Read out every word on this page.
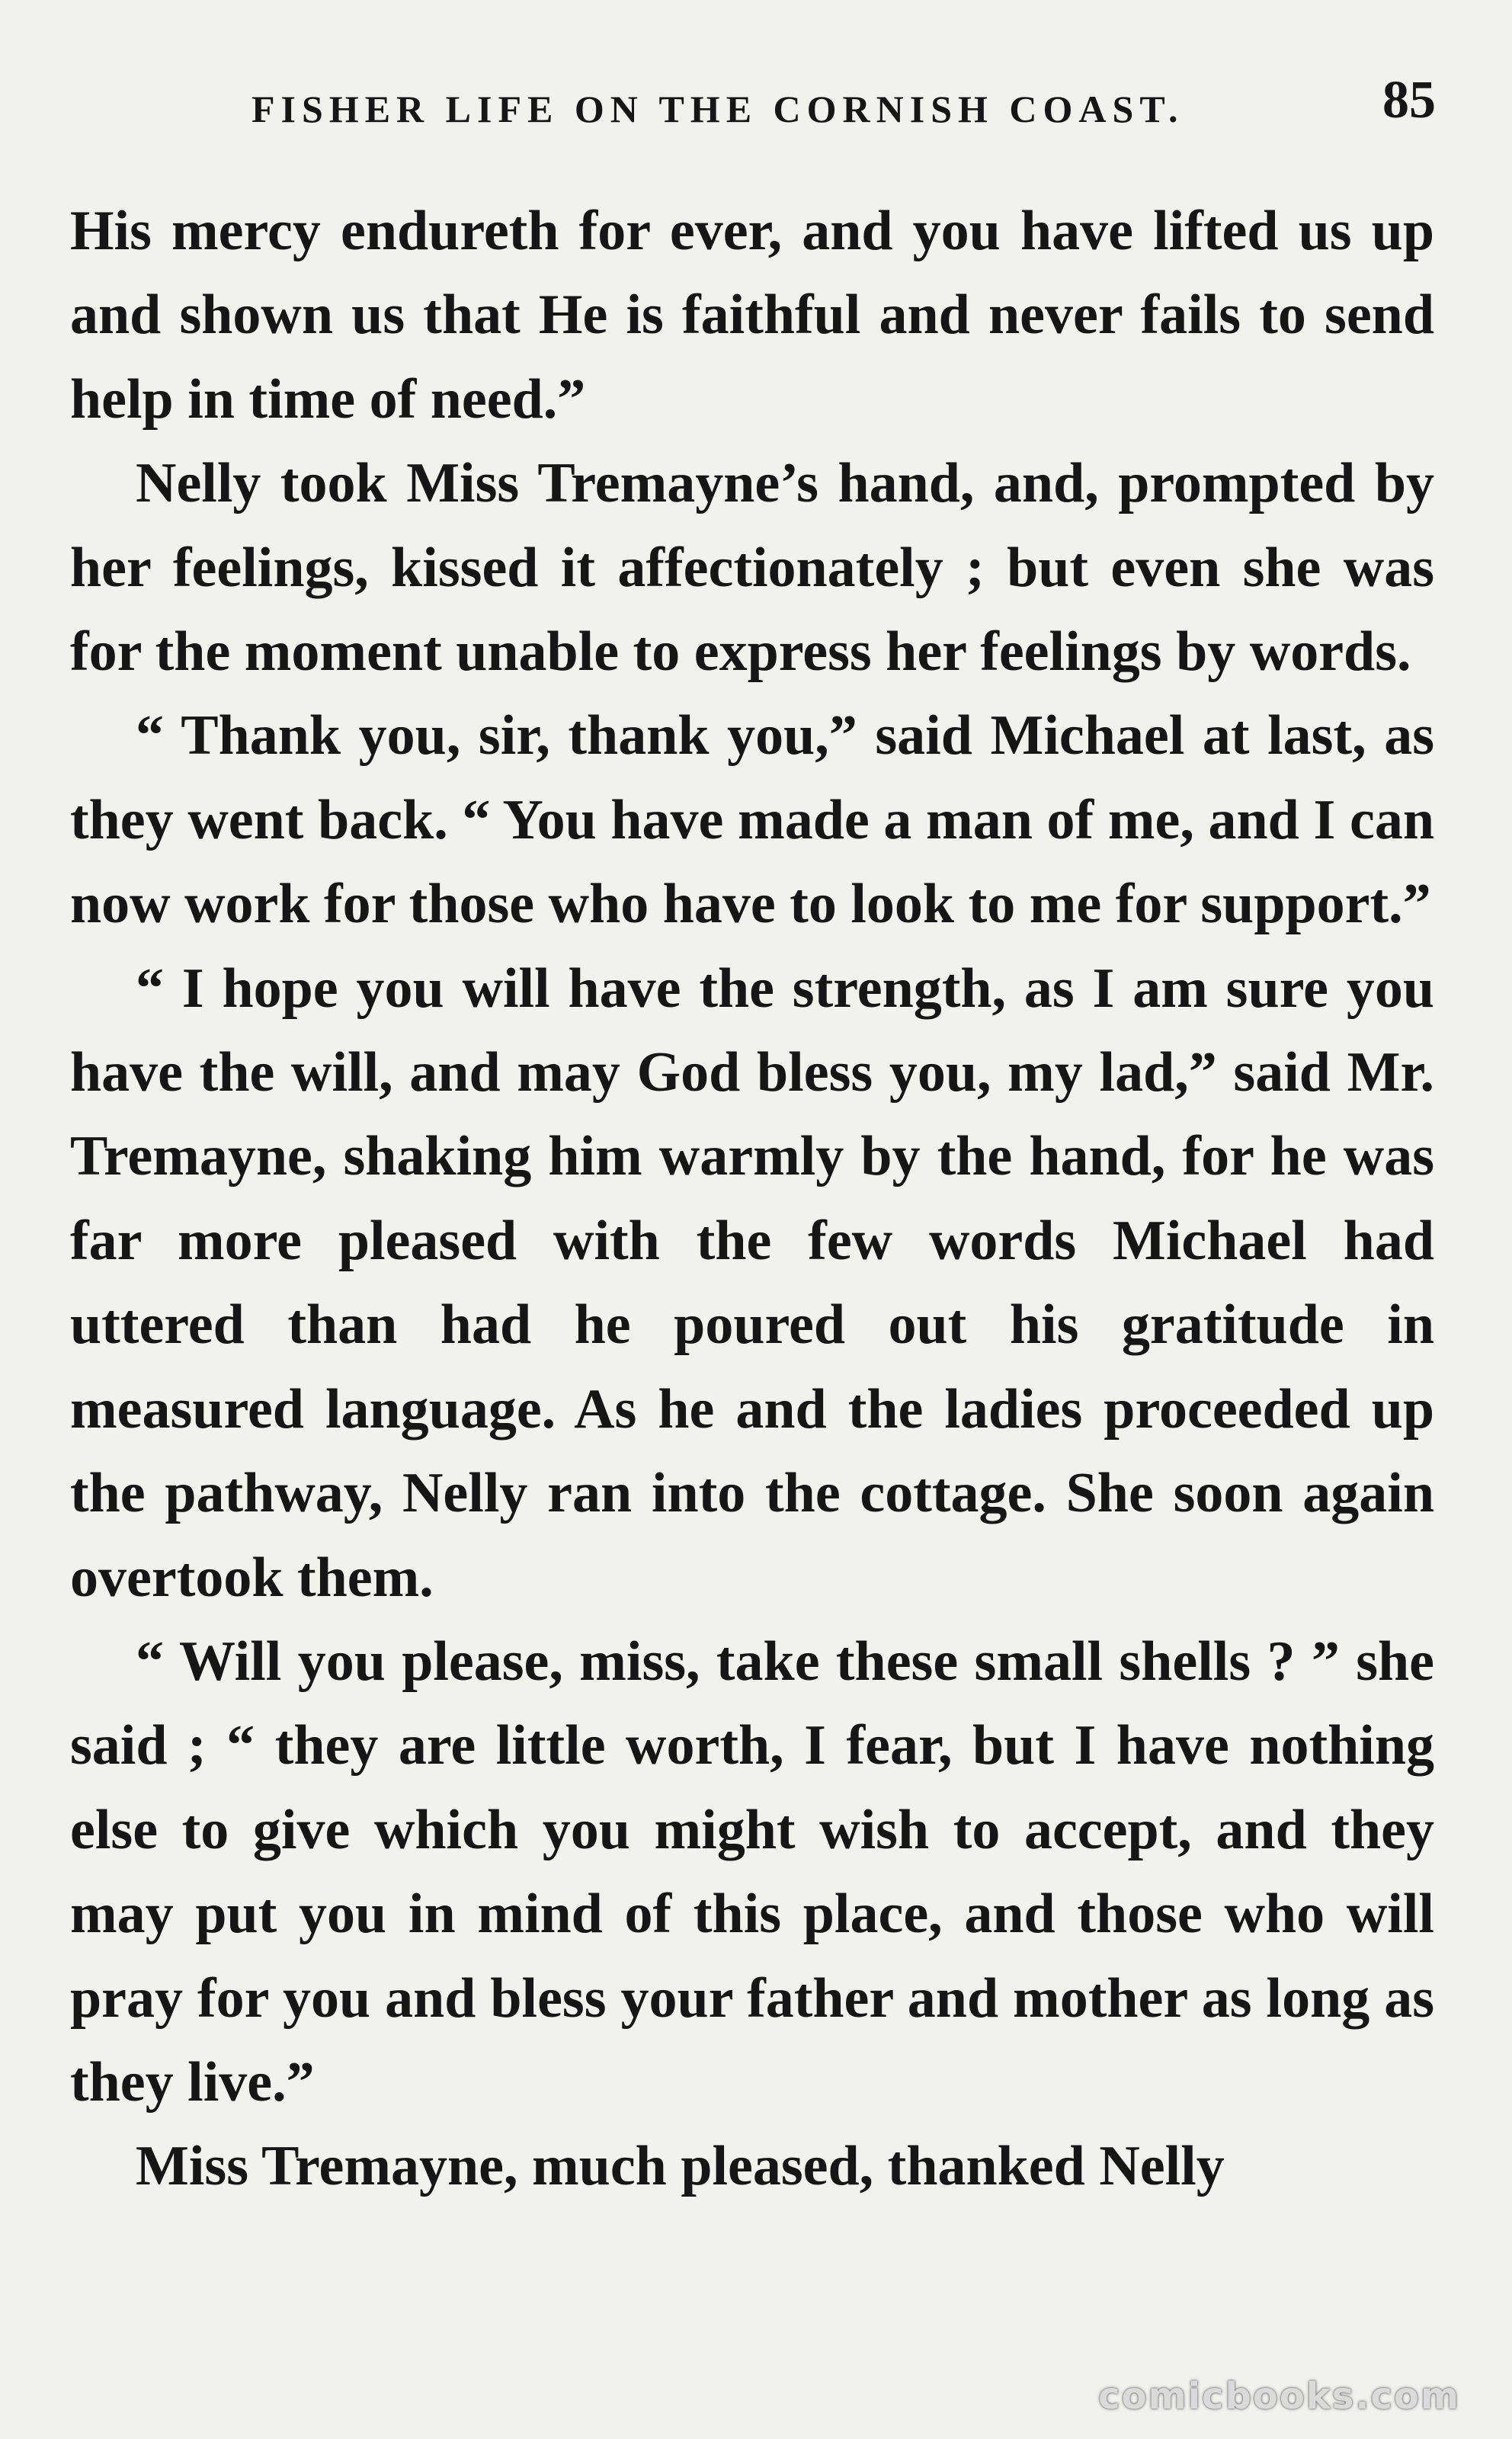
FISHER LIFE ON THE CORNISH COAST.	85

His mercy endureth for ever, and you have lifted us up and shown us that He is faithful and never fails to send help in time of need.”

Nelly took Miss Tremayne’s hand, and, prompted by her feelings, kissed it affectionately ; but even she was for the moment unable to express her feelings by words.

“ Thank you, sir, thank you,” said Michael at last, as they went back. “ You have made a man of me, and I can now work for those who have to look to me for support.”

“ I hope you will have the strength, as I am sure you have the will, and may God bless you, my lad,” said Mr. Tremayne, shaking him warmly by the hand, for he was far more pleased with the few words Michael had uttered than had he poured out his gratitude in measured language. As he and the ladies proceeded up the pathway, Nelly ran into the cottage. She soon again overtook them.

“ Will you please, miss, take these small shells ? ” she said ; “ they are little worth, I fear, but I have nothing else to give which you might wish to accept, and they may put you in mind of this place, and those who will pray for you and bless your father and mother as long as they live.”

Miss Tremayne, much pleased, thanked Nelly

comicbooks.com
